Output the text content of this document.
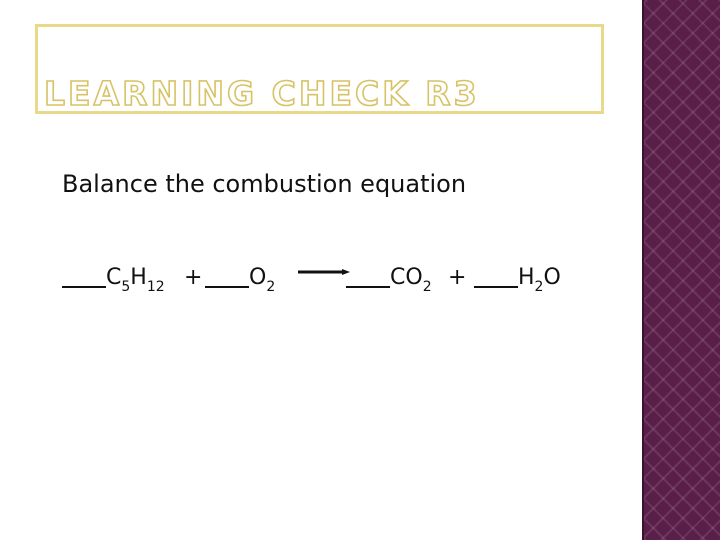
LEARNING CHECK R3
Balance the combustion equation
$C_5H_{12}$ +	$O_2$	$CO_2$ +	$H_2O$
